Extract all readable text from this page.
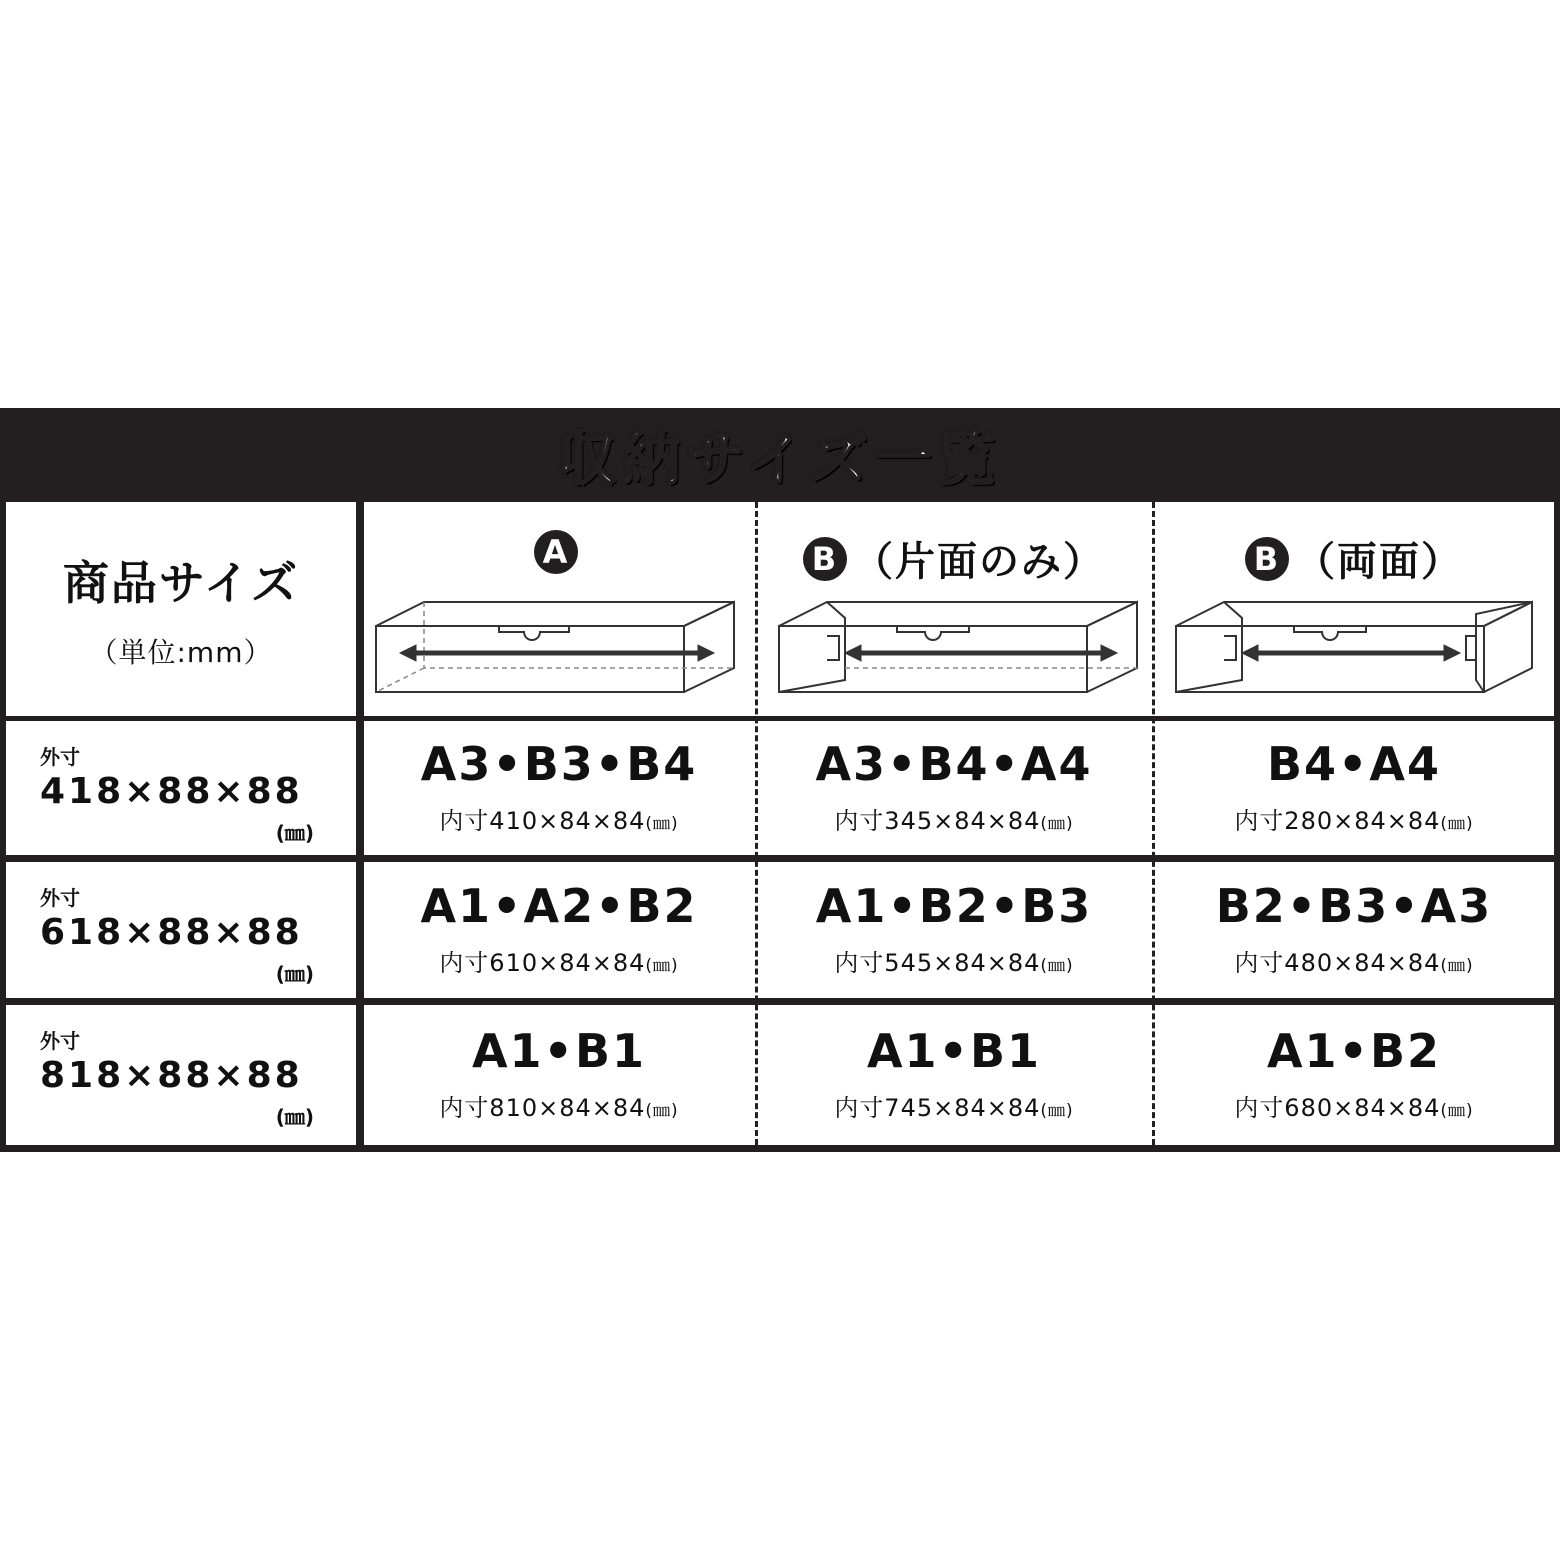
収納サイズ一覧
商品サイズ
（単位:mm）
A	B （片面のみ）	B （両面）
外寸
418×88×88
(㎜)
A3•B3•B4
内寸410×84×84(㎜)
A3•B4•A4
内寸345×84×84(㎜)
B4•A4
内寸280×84×84(㎜)
外寸
618×88×88
(㎜)
A1•A2•B2
内寸610×84×84(㎜)
A1•B2•B3
内寸545×84×84(㎜)
B2•B3•A3
内寸480×84×84(㎜)
外寸
818×88×88
(㎜)
A1•B1
内寸810×84×84(㎜)
A1•B1
内寸745×84×84(㎜)
A1•B2
内寸680×84×84(㎜)
